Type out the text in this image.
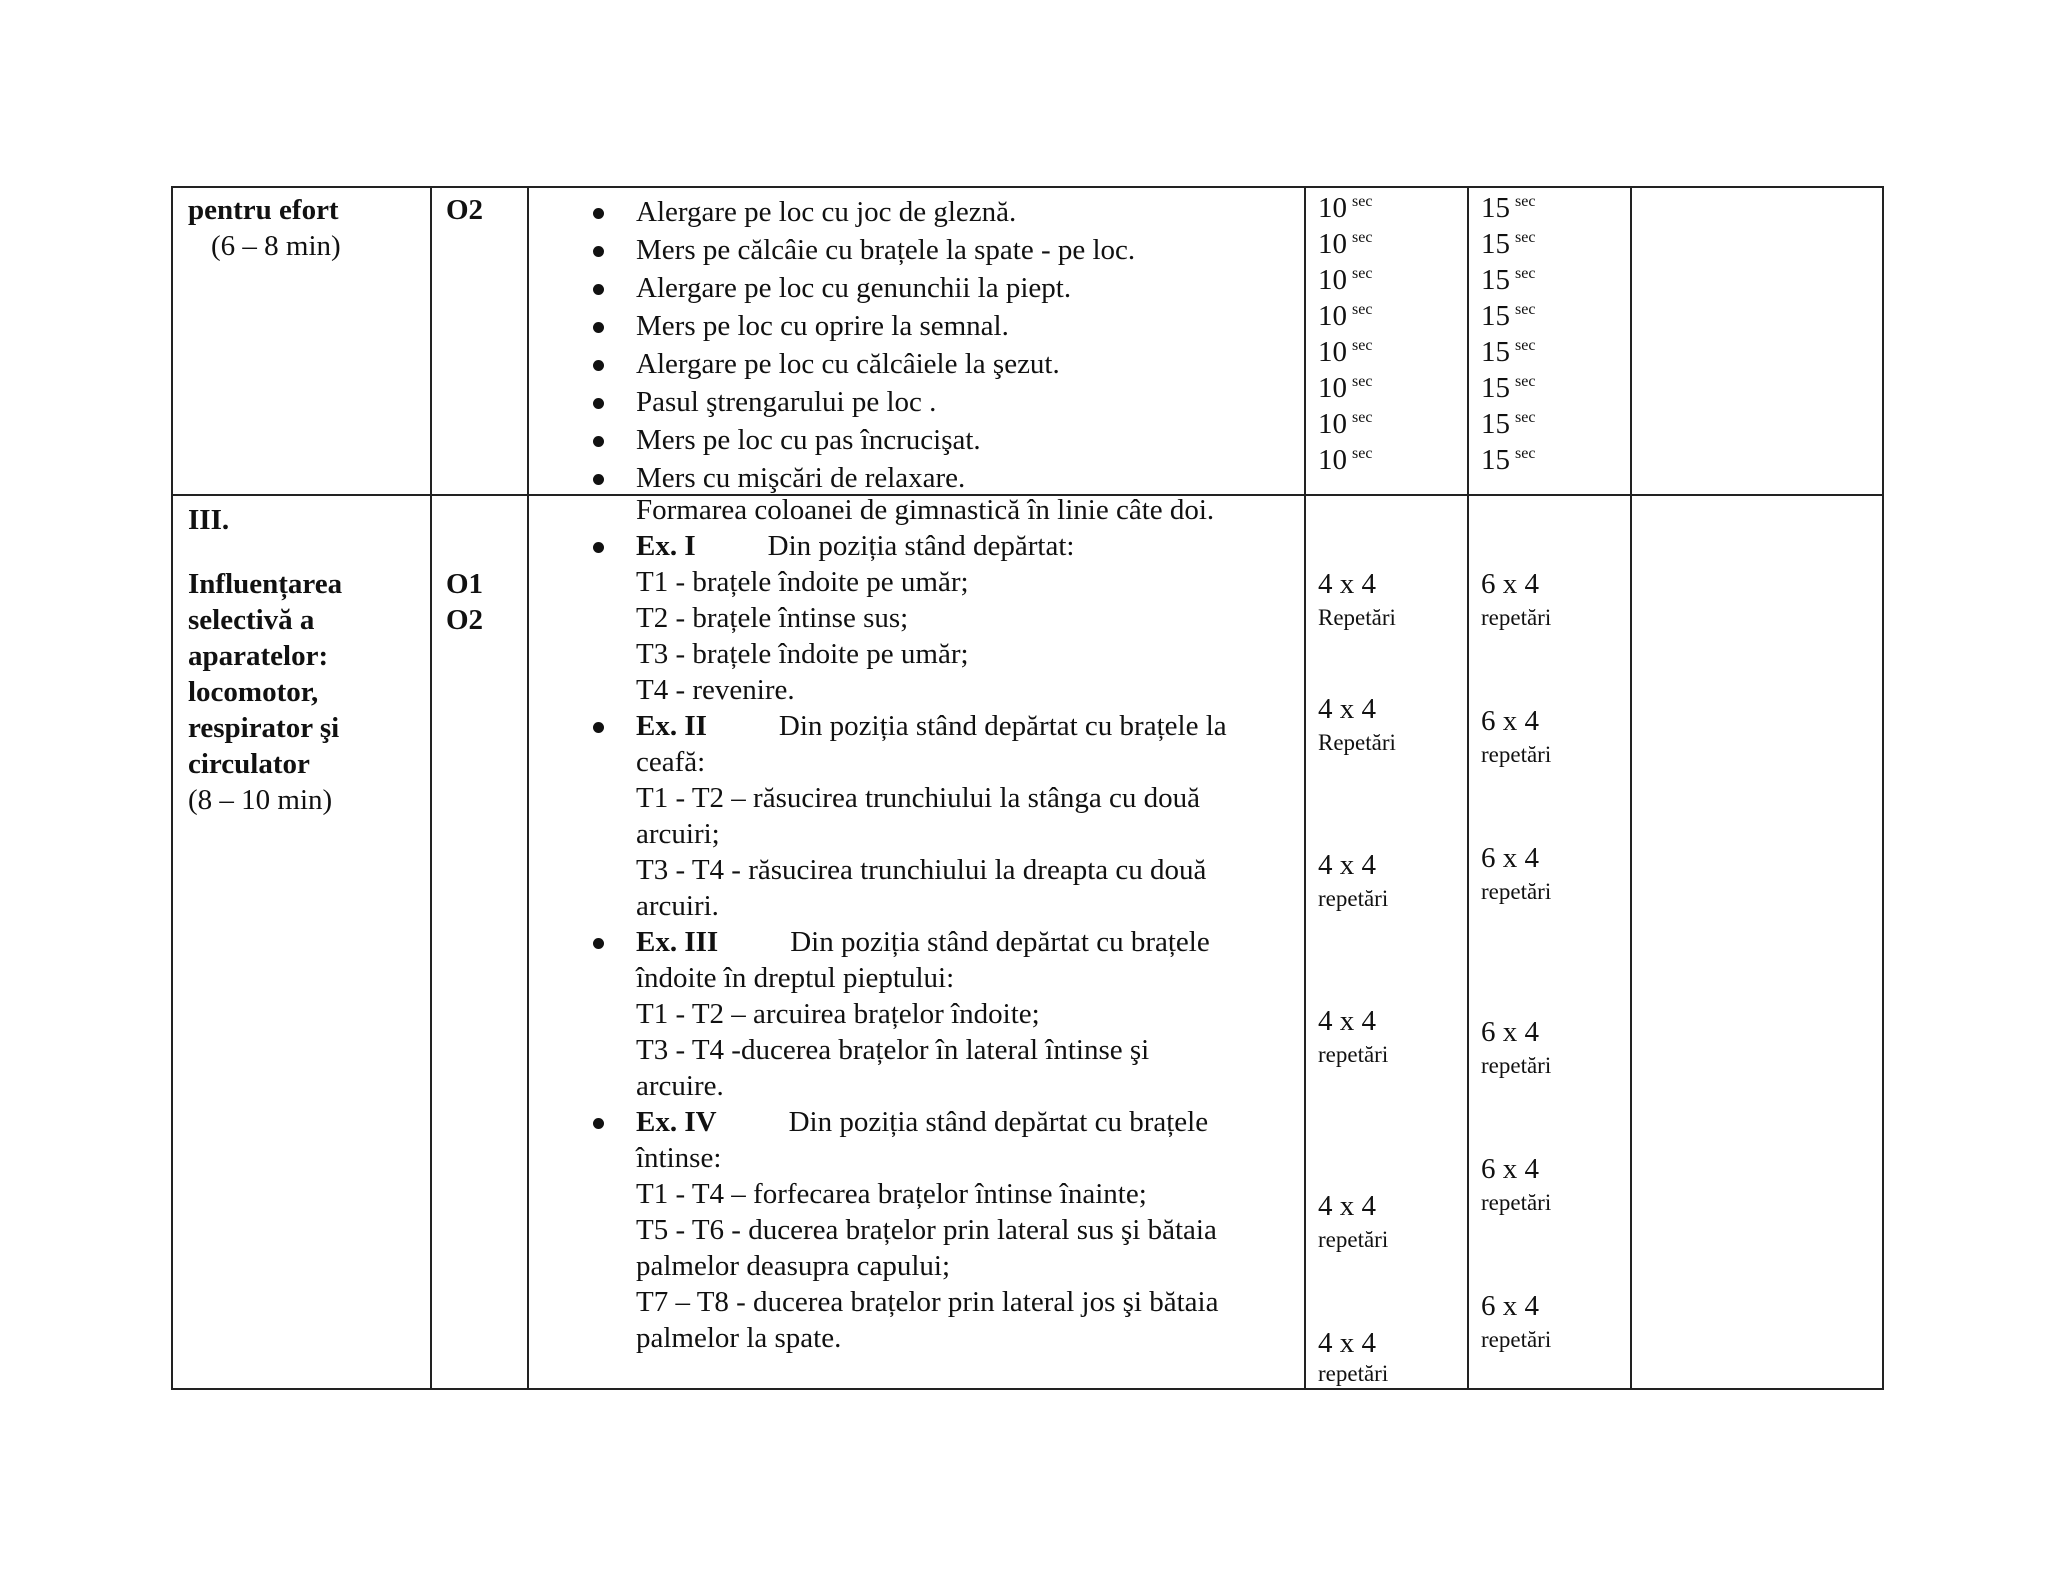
pentru efort
(6 – 8 min)
O2	Alergare pe loc cu joc de gleznă.
Mers pe călcâie cu brațele la spate - pe loc.
Alergare pe loc cu genunchii la piept.
Mers pe loc cu oprire la semnal.
Alergare pe loc cu călcâiele la şezut.
Pasul ştrengarului pe loc .
Mers pe loc cu pas încrucişat.
Mers cu mişcări de relaxare.
10 $^{sec}$
10 $^{sec}$
10 $^{sec}$
10 $^{sec}$
10 $^{sec}$
10 $^{sec}$
10 $^{sec}$
10 $^{sec}$
15 $^{sec}$
15 $^{sec}$
15 $^{sec}$
15 $^{sec}$
15 $^{sec}$
15 $^{sec}$
15 $^{sec}$
15 $^{sec}$
III.
Influențarea
selectivă a
aparatelor:
locomotor,
respirator şi
circulator
(8 – 10 min)
O1
O2
Formarea coloanei de gimnastică în linie câte doi.
Ex. I Din poziția stând depărtat:
T1 - brațele îndoite pe umăr;
T2 - brațele întinse sus;
T3 - brațele îndoite pe umăr;
T4 - revenire.
Ex. II Din poziția stând depărtat cu brațele la
ceafă:
T1 - T2 – răsucirea trunchiului la stânga cu două
arcuiri;
T3 - T4 - răsucirea trunchiului la dreapta cu două
arcuiri.
Ex. III Din poziția stând depărtat cu brațele
îndoite în dreptul pieptului:
T1 - T2 – arcuirea brațelor îndoite;
T3 - T4 -ducerea brațelor în lateral întinse şi
arcuire.
Ex. IV Din poziția stând depărtat cu brațele
întinse:
T1 - T4 – forfecarea brațelor întinse înainte;
T5 - T6 - ducerea brațelor prin lateral sus şi bătaia
palmelor deasupra capului;
T7 – T8 - ducerea brațelor prin lateral jos şi bătaia
palmelor la spate.
4 x 4
Repetări
4 x 4
Repetări
4 x 4
repetări
4 x 4
repetări
4 x 4
repetări
4 x 4
repetări
6 x 4
repetări
6 x 4
repetări
6 x 4
repetări
6 x 4
repetări
6 x 4
repetări
6 x 4
repetări
